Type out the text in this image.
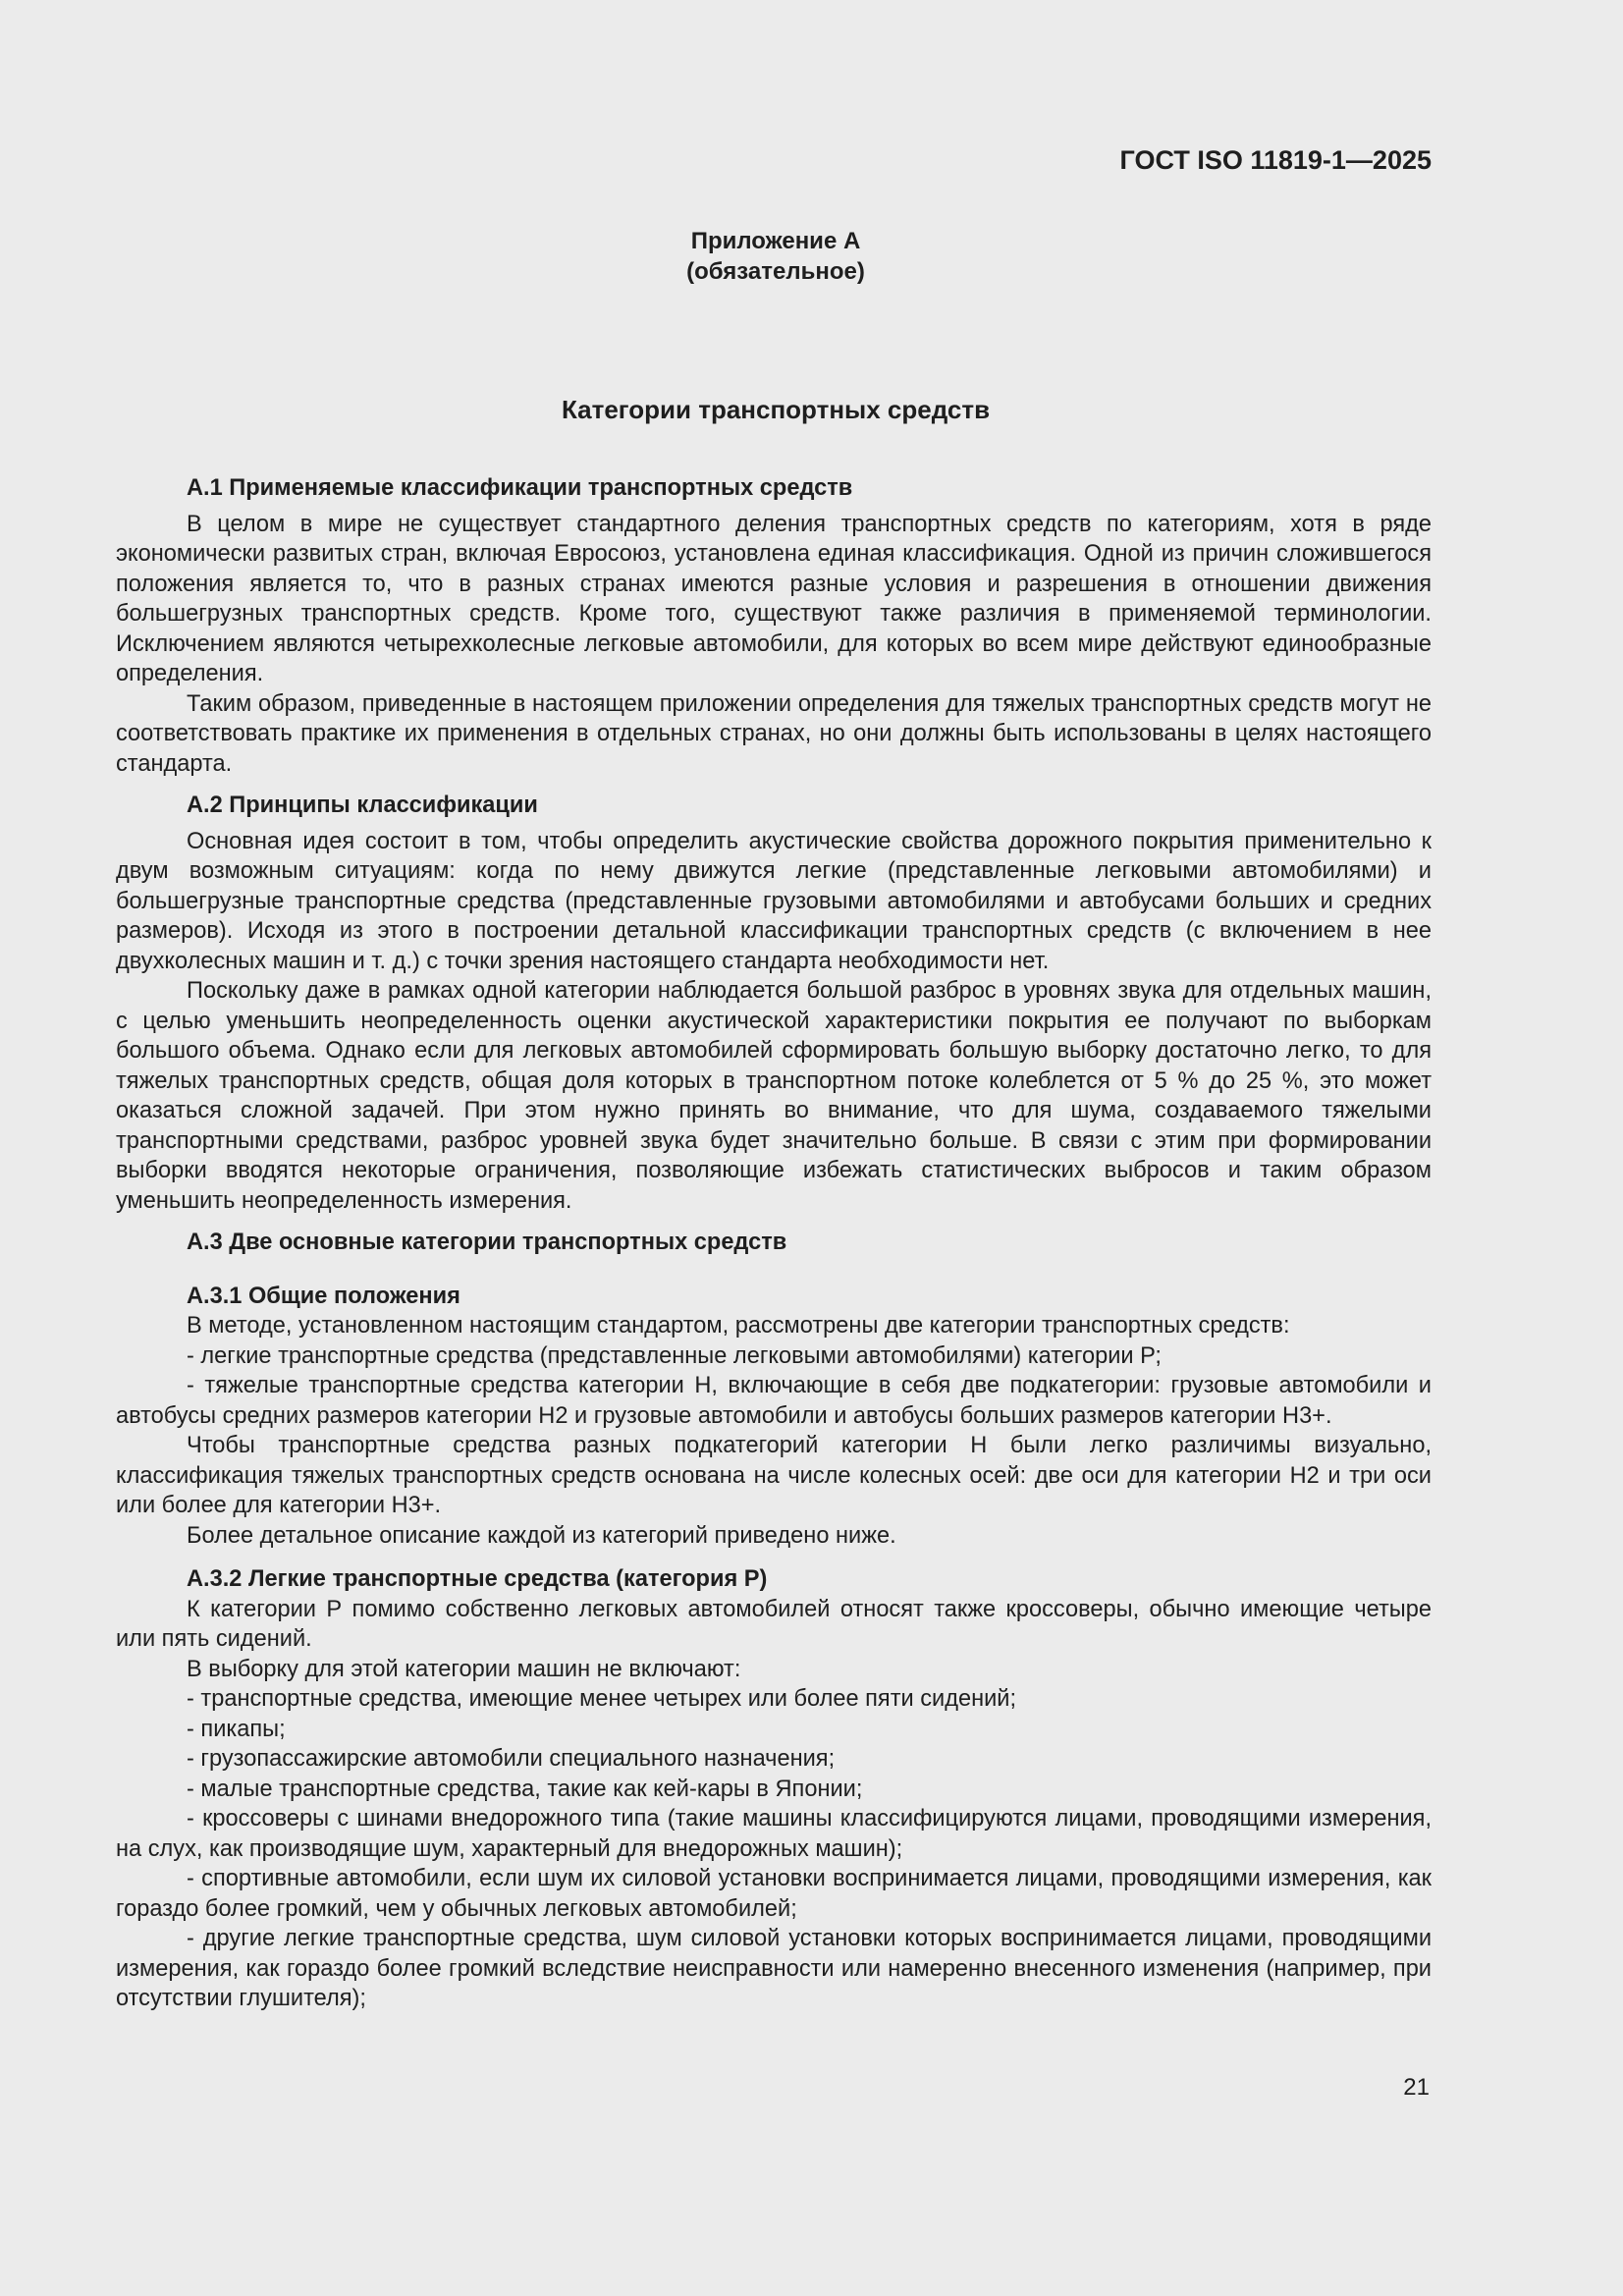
ГОСТ ISO 11819-1—2025
Приложение А
(обязательное)
Категории транспортных средств
А.1 Применяемые классификации транспортных средств

В целом в мире не существует стандартного деления транспортных средств по категориям, хотя в ряде экономически развитых стран, включая Евросоюз, установлена единая классификация. Одной из причин сложившегося положения является то, что в разных странах имеются разные условия и разрешения в отношении движения большегрузных транспортных средств. Кроме того, существуют также различия в применяемой терминологии. Исключением являются четырехколесные легковые автомобили, для которых во всем мире действуют единообразные определения.

Таким образом, приведенные в настоящем приложении определения для тяжелых транспортных средств могут не соответствовать практике их применения в отдельных странах, но они должны быть использованы в целях настоящего стандарта.

А.2 Принципы классификации

Основная идея состоит в том, чтобы определить акустические свойства дорожного покрытия применительно к двум возможным ситуациям: когда по нему движутся легкие (представленные легковыми автомобилями) и большегрузные транспортные средства (представленные грузовыми автомобилями и автобусами больших и средних размеров). Исходя из этого в построении детальной классификации транспортных средств (с включением в нее двухколесных машин и т. д.) с точки зрения настоящего стандарта необходимости нет.

Поскольку даже в рамках одной категории наблюдается большой разброс в уровнях звука для отдельных машин, с целью уменьшить неопределенность оценки акустической характеристики покрытия ее получают по выборкам большого объема. Однако если для легковых автомобилей сформировать большую выборку достаточно легко, то для тяжелых транспортных средств, общая доля которых в транспортном потоке колеблется от 5 % до 25 %, это может оказаться сложной задачей. При этом нужно принять во внимание, что для шума, создаваемого тяжелыми транспортными средствами, разброс уровней звука будет значительно больше. В связи с этим при формировании выборки вводятся некоторые ограничения, позволяющие избежать статистических выбросов и таким образом уменьшить неопределенность измерения.

А.3 Две основные категории транспортных средств
А.3.1 Общие положения

В методе, установленном настоящим стандартом, рассмотрены две категории транспортных средств:

- легкие транспортные средства (представленные легковыми автомобилями) категории Р;

- тяжелые транспортные средства категории Н, включающие в себя две подкатегории: грузовые автомобили и автобусы средних размеров категории Н2 и грузовые автомобили и автобусы больших размеров категории Н3+.

Чтобы транспортные средства разных подкатегорий категории Н были легко различимы визуально, классификация тяжелых транспортных средств основана на числе колесных осей: две оси для категории Н2 и три оси или более для категории Н3+.

Более детальное описание каждой из категорий приведено ниже.

А.3.2 Легкие транспортные средства (категория Р)

К категории Р помимо собственно легковых автомобилей относят также кроссоверы, обычно имеющие четыре или пять сидений.

В выборку для этой категории машин не включают:

- транспортные средства, имеющие менее четырех или более пяти сидений;

- пикапы;

- грузопассажирские автомобили специального назначения;

- малые транспортные средства, такие как кей-кары в Японии;

- кроссоверы с шинами внедорожного типа (такие машины классифицируются лицами, проводящими измерения, на слух, как производящие шум, характерный для внедорожных машин);

- спортивные автомобили, если шум их силовой установки воспринимается лицами, проводящими измерения, как гораздо более громкий, чем у обычных легковых автомобилей;

- другие легкие транспортные средства, шум силовой установки которых воспринимается лицами, проводящими измерения, как гораздо более громкий вследствие неисправности или намеренно внесенного изменения (например, при отсутствии глушителя);

21
